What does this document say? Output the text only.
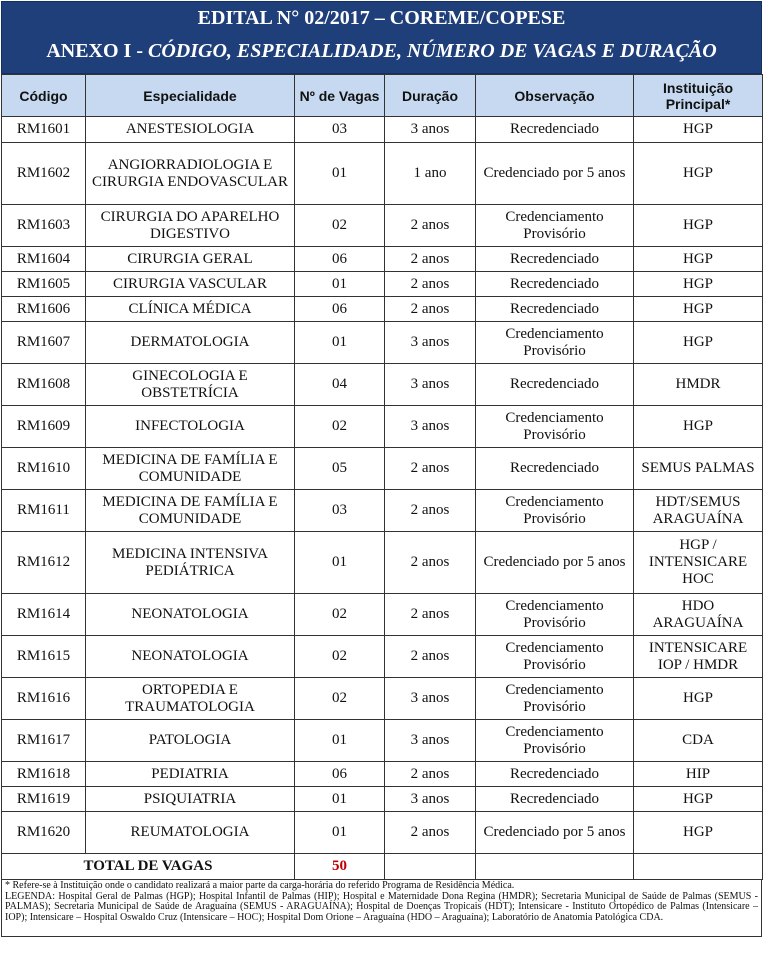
EDITAL N° 02/2017 – COREME/COPESE
ANEXO I - CÓDIGO, ESPECIALIDADE, NÚMERO DE VAGAS E DURAÇÃO
Código	Especialidade	Nº de Vagas	Duração	Observação	Instituição Principal*
RM1601	ANESTESIOLOGIA	03	3 anos	Recredenciado	HGP
RM1602	ANGIORRADIOLOGIA E CIRURGIA ENDOVASCULAR	01	1 ano	Credenciado por 5 anos	HGP
RM1603	CIRURGIA DO APARELHO DIGESTIVO	02	2 anos	Credenciamento Provisório	HGP
RM1604	CIRURGIA GERAL	06	2 anos	Recredenciado	HGP
RM1605	CIRURGIA VASCULAR	01	2 anos	Recredenciado	HGP
RM1606	CLÍNICA MÉDICA	06	2 anos	Recredenciado	HGP
RM1607	DERMATOLOGIA	01	3 anos	Credenciamento Provisório	HGP
RM1608	GINECOLOGIA E OBSTETRÍCIA	04	3 anos	Recredenciado	HMDR
RM1609	INFECTOLOGIA	02	3 anos	Credenciamento Provisório	HGP
RM1610	MEDICINA DE FAMÍLIA E COMUNIDADE	05	2 anos	Recredenciado	SEMUS PALMAS
RM1611	MEDICINA DE FAMÍLIA E COMUNIDADE	03	2 anos	Credenciamento Provisório	HDT/SEMUS ARAGUAÍNA
RM1612	MEDICINA INTENSIVA PEDIÁTRICA	01	2 anos	Credenciado por 5 anos	HGP / INTENSICARE HOC
RM1614	NEONATOLOGIA	02	2 anos	Credenciamento Provisório	HDO ARAGUAÍNA
RM1615	NEONATOLOGIA	02	2 anos	Credenciamento Provisório	INTENSICARE IOP / HMDR
RM1616	ORTOPEDIA E TRAUMATOLOGIA	02	3 anos	Credenciamento Provisório	HGP
RM1617	PATOLOGIA	01	3 anos	Credenciamento Provisório	CDA
RM1618	PEDIATRIA	06	2 anos	Recredenciado	HIP
RM1619	PSIQUIATRIA	01	3 anos	Recredenciado	HGP
RM1620	REUMATOLOGIA	01	2 anos	Credenciado por 5 anos	HGP
TOTAL DE VAGAS		50			
* Refere-se à Instituição onde o candidato realizará a maior parte da carga-horária do referido Programa de Residência Médica.
LEGENDA: Hospital Geral de Palmas (HGP); Hospital Infantil de Palmas (HIP); Hospital e Maternidade Dona Regina (HMDR); Secretaria Municipal de Saúde de Palmas (SEMUS - PALMAS); Secretaria Municipal de Saúde de Araguaína (SEMUS - ARAGUAÍNA); Hospital de Doenças Tropicais (HDT); Intensicare - Instituto Ortopédico de Palmas (Intensicare – IOP); Intensicare – Hospital Oswaldo Cruz (Intensicare – HOC); Hospital Dom Orione – Araguaína (HDO – Araguaína); Laboratório de Anatomia Patológica CDA.
